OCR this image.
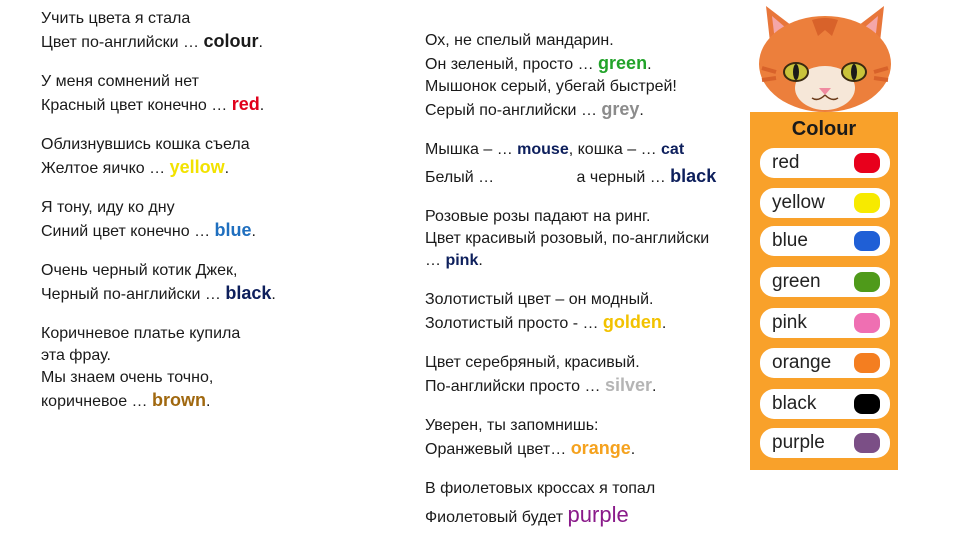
Учить цвета я стала
Цвет по-английски … colour.
У меня сомнений нет
Красный цвет конечно … red.
Облизнувшись кошка съела
Желтое яичко … yellow.
Я тону, иду ко дну
Синий цвет конечно … blue.
Очень черный котик Джек,
Черный по-английски … black.
Коричневое платье купила
эта фрау.
Мы знаем очень точно,
коричневое … brown.
Ох, не спелый мандарин.
Он зеленый, просто … green.
Мышонок серый, убегай быстрей!
Серый по-английски … grey.
Мышка – … mouse, кошка – … cat
Белый …	а черный … black
Розовые розы падают на ринг.
Цвет красивый розовый, по-английски
… pink.
Золотистый цвет – он модный.
Золотистый просто - … golden.
Цвет серебряный, красивый.
По-английски просто … silver.
Уверен, ты запомнишь:
Оранжевый цвет… orange.
В фиолетовых кроссах я топал
Фиолетовый будет purple
Colour
red
yellow
blue
green
pink
orange
black
purple
